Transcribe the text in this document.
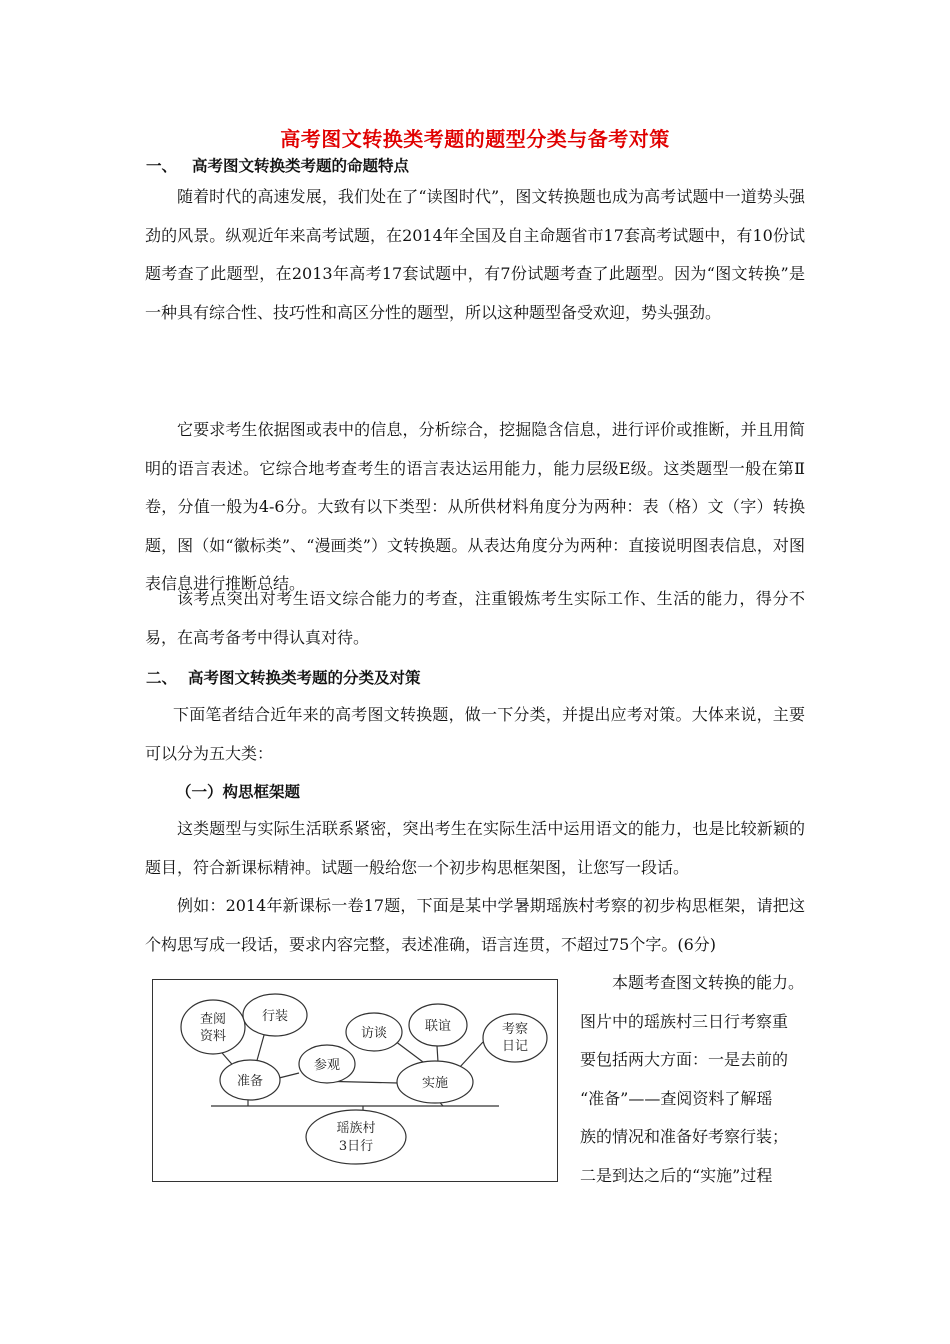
高考图文转换类考题的题型分类与备考对策
一、 高考图文转换类考题的命题特点

随着时代的高速发展，我们处在了“读图时代”，图文转换题也成为高考试题中一道势头强劲的风景。纵观近年来高考试题，在2014年全国及自主命题省市17套高考试题中，有10份试题考查了此题型，在2013年高考17套试题中，有7份试题考查了此题型。因为“图文转换”是一种具有综合性、技巧性和高区分性的题型，所以这种题型备受欢迎，势头强劲。

它要求考生依据图或表中的信息，分析综合，挖掘隐含信息，进行评价或推断，并且用简明的语言表述。它综合地考查考生的语言表达运用能力，能力层级E级。这类题型一般在第Ⅱ卷，分值一般为4-6分。大致有以下类型：从所供材料角度分为两种：表（格）文（字）转换题，图（如“徽标类”、“漫画类”）文转换题。从表达角度分为两种：直接说明图表信息，对图表信息进行推断总结。

该考点突出对考生语文综合能力的考查，注重锻炼考生实际工作、生活的能力，得分不易，在高考备考中得认真对待。

二、 高考图文转换类考题的分类及对策

下面笔者结合近年来的高考图文转换题，做一下分类，并提出应考对策。大体来说，主要可以分为五大类：

（一）构思框架题

这类题型与实际生活联系紧密，突出考生在实际生活中运用语文的能力，也是比较新颖的题目，符合新课标精神。试题一般给您一个初步构思框架图，让您写一段话。

例如：2014年新课标一卷17题，下面是某中学暑期瑶族村考察的初步构思框架，请把这个构思写成一段话，要求内容完整，表述准确，语言连贯，不超过75个字。(6分)

查阅
资料
行装
准备
参观
访谈	联谊	考察
日记
实施
瑶族村
3日行
本题考查图文转换的能力。
图片中的瑶族村三日行考察重
要包括两大方面：一是去前的
“准备”——查阅资料了解瑶
族的情况和准备好考察行装；
二是到达之后的“实施”过程
